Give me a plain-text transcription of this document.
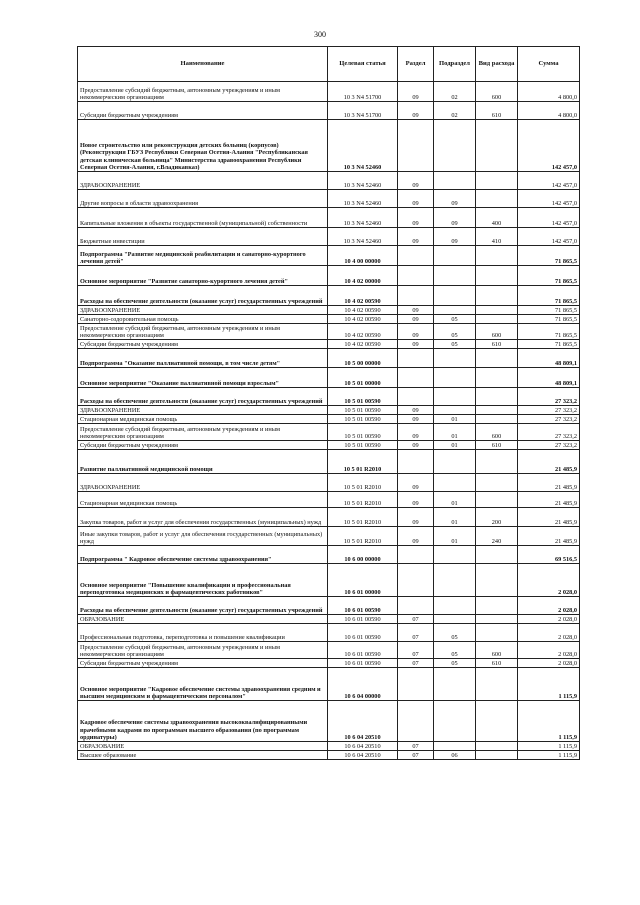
300
Наименование	Целевая статья	Раздел	Подраздел	Вид расхода	Сумма
Предоставление субсидий бюджетным, автономным учреждениям и иным некоммерческим организациям	10 3 N4 51700	09	02	600	4 800,0
Субсидии бюджетным учреждениям	10 3 N4 51700	09	02	610	4 800,0
Новое строительство или реконструкция детских больниц (корпусов) (Реконструкция ГБУЗ Республики Северная Осетия-Алания "Республиканская детская клиническая больница" Министерства здравоохранения Республики Северная Осетия-Алания, г.Владикавказ)	10 3 N4 52460				142 457,0
ЗДРАВООХРАНЕНИЕ	10 3 N4 52460	09			142 457,0
Другие вопросы в области здравоохранения	10 3 N4 52460	09	09		142 457,0
Капитальные вложения в объекты государственной (муниципальной) собственности	10 3 N4 52460	09	09	400	142 457,0
Бюджетные инвестиции	10 3 N4 52460	09	09	410	142 457,0
Подпрограмма "Развитие медицинской реабилитации и санаторно-курортного лечения детей"	10 4 00 00000				71 865,5
Основное мероприятие "Развитие санаторно-курортного лечения детей"	10 4 02 00000				71 865,5
Расходы на обеспечение деятельности (оказание услуг) государственных учреждений	10 4 02 00590				71 865,5
ЗДРАВООХРАНЕНИЕ	10 4 02 00590	09			71 865,5
Санаторно-оздоровительная помощь	10 4 02 00590	09	05		71 865,5
Предоставление субсидий бюджетным, автономным учреждениям и иным некоммерческим организациям	10 4 02 00590	09	05	600	71 865,5
Субсидии бюджетным учреждениям	10 4 02 00590	09	05	610	71 865,5
Подпрограмма "Оказание паллиативной помощи, в том числе детям"	10 5 00 00000				48 809,1
Основное мероприятие "Оказание паллиативной помощи взрослым"	10 5 01 00000				48 809,1
Расходы на обеспечение деятельности (оказание услуг) государственных учреждений	10 5 01 00590				27 323,2
ЗДРАВООХРАНЕНИЕ	10 5 01 00590	09			27 323,2
Стационарная медицинская помощь	10 5 01 00590	09	01		27 323,2
Предоставление субсидий бюджетным, автономным учреждениям и иным некоммерческим организациям	10 5 01 00590	09	01	600	27 323,2
Субсидии бюджетным учреждениям	10 5 01 00590	09	01	610	27 323,2
Развитие паллиативной медицинской помощи	10 5 01 R2010				21 485,9
ЗДРАВООХРАНЕНИЕ	10 5 01 R2010	09			21 485,9
Стационарная медицинская помощь	10 5 01 R2010	09	01		21 485,9
Закупка товаров, работ и услуг для обеспечения государственных (муниципальных) нужд	10 5 01 R2010	09	01	200	21 485,9
Иные закупки товаров, работ и услуг для обеспечения государственных (муниципальных) нужд	10 5 01 R2010	09	01	240	21 485,9
Подпрограмма " Кадровое обеспечение системы здравоохранения"	10 6 00 00000				69 516,5
Основное мероприятие "Повышение квалификации и профессиональная переподготовка медицинских и фармацевтических работников"	10 6 01 00000				2 028,0
Расходы на обеспечение деятельности (оказание услуг) государственных учреждений	10 6 01 00590				2 028,0
ОБРАЗОВАНИЕ	10 6 01 00590	07			2 028,0
Профессиональная подготовка, переподготовка и повышение квалификации	10 6 01 00590	07	05		2 028,0
Предоставление субсидий бюджетным, автономным учреждениям и иным некоммерческим организациям	10 6 01 00590	07	05	600	2 028,0
Субсидии бюджетным учреждениям	10 6 01 00590	07	05	610	2 028,0
Основное мероприятие "Кадровое обеспечение системы здравоохранения средним и высшим медицинским и фармацевтическим персоналом"	10 6 04 00000				1 115,9
Кадровое обеспечение системы здравоохранения высококвалифицированными врачебными кадрами по программам высшего образования (по программам ординатуры)	10 6 04 20510				1 115,9
ОБРАЗОВАНИЕ	10 6 04 20510	07			1 115,9
Высшее образование	10 6 04 20510	07	06		1 115,9
